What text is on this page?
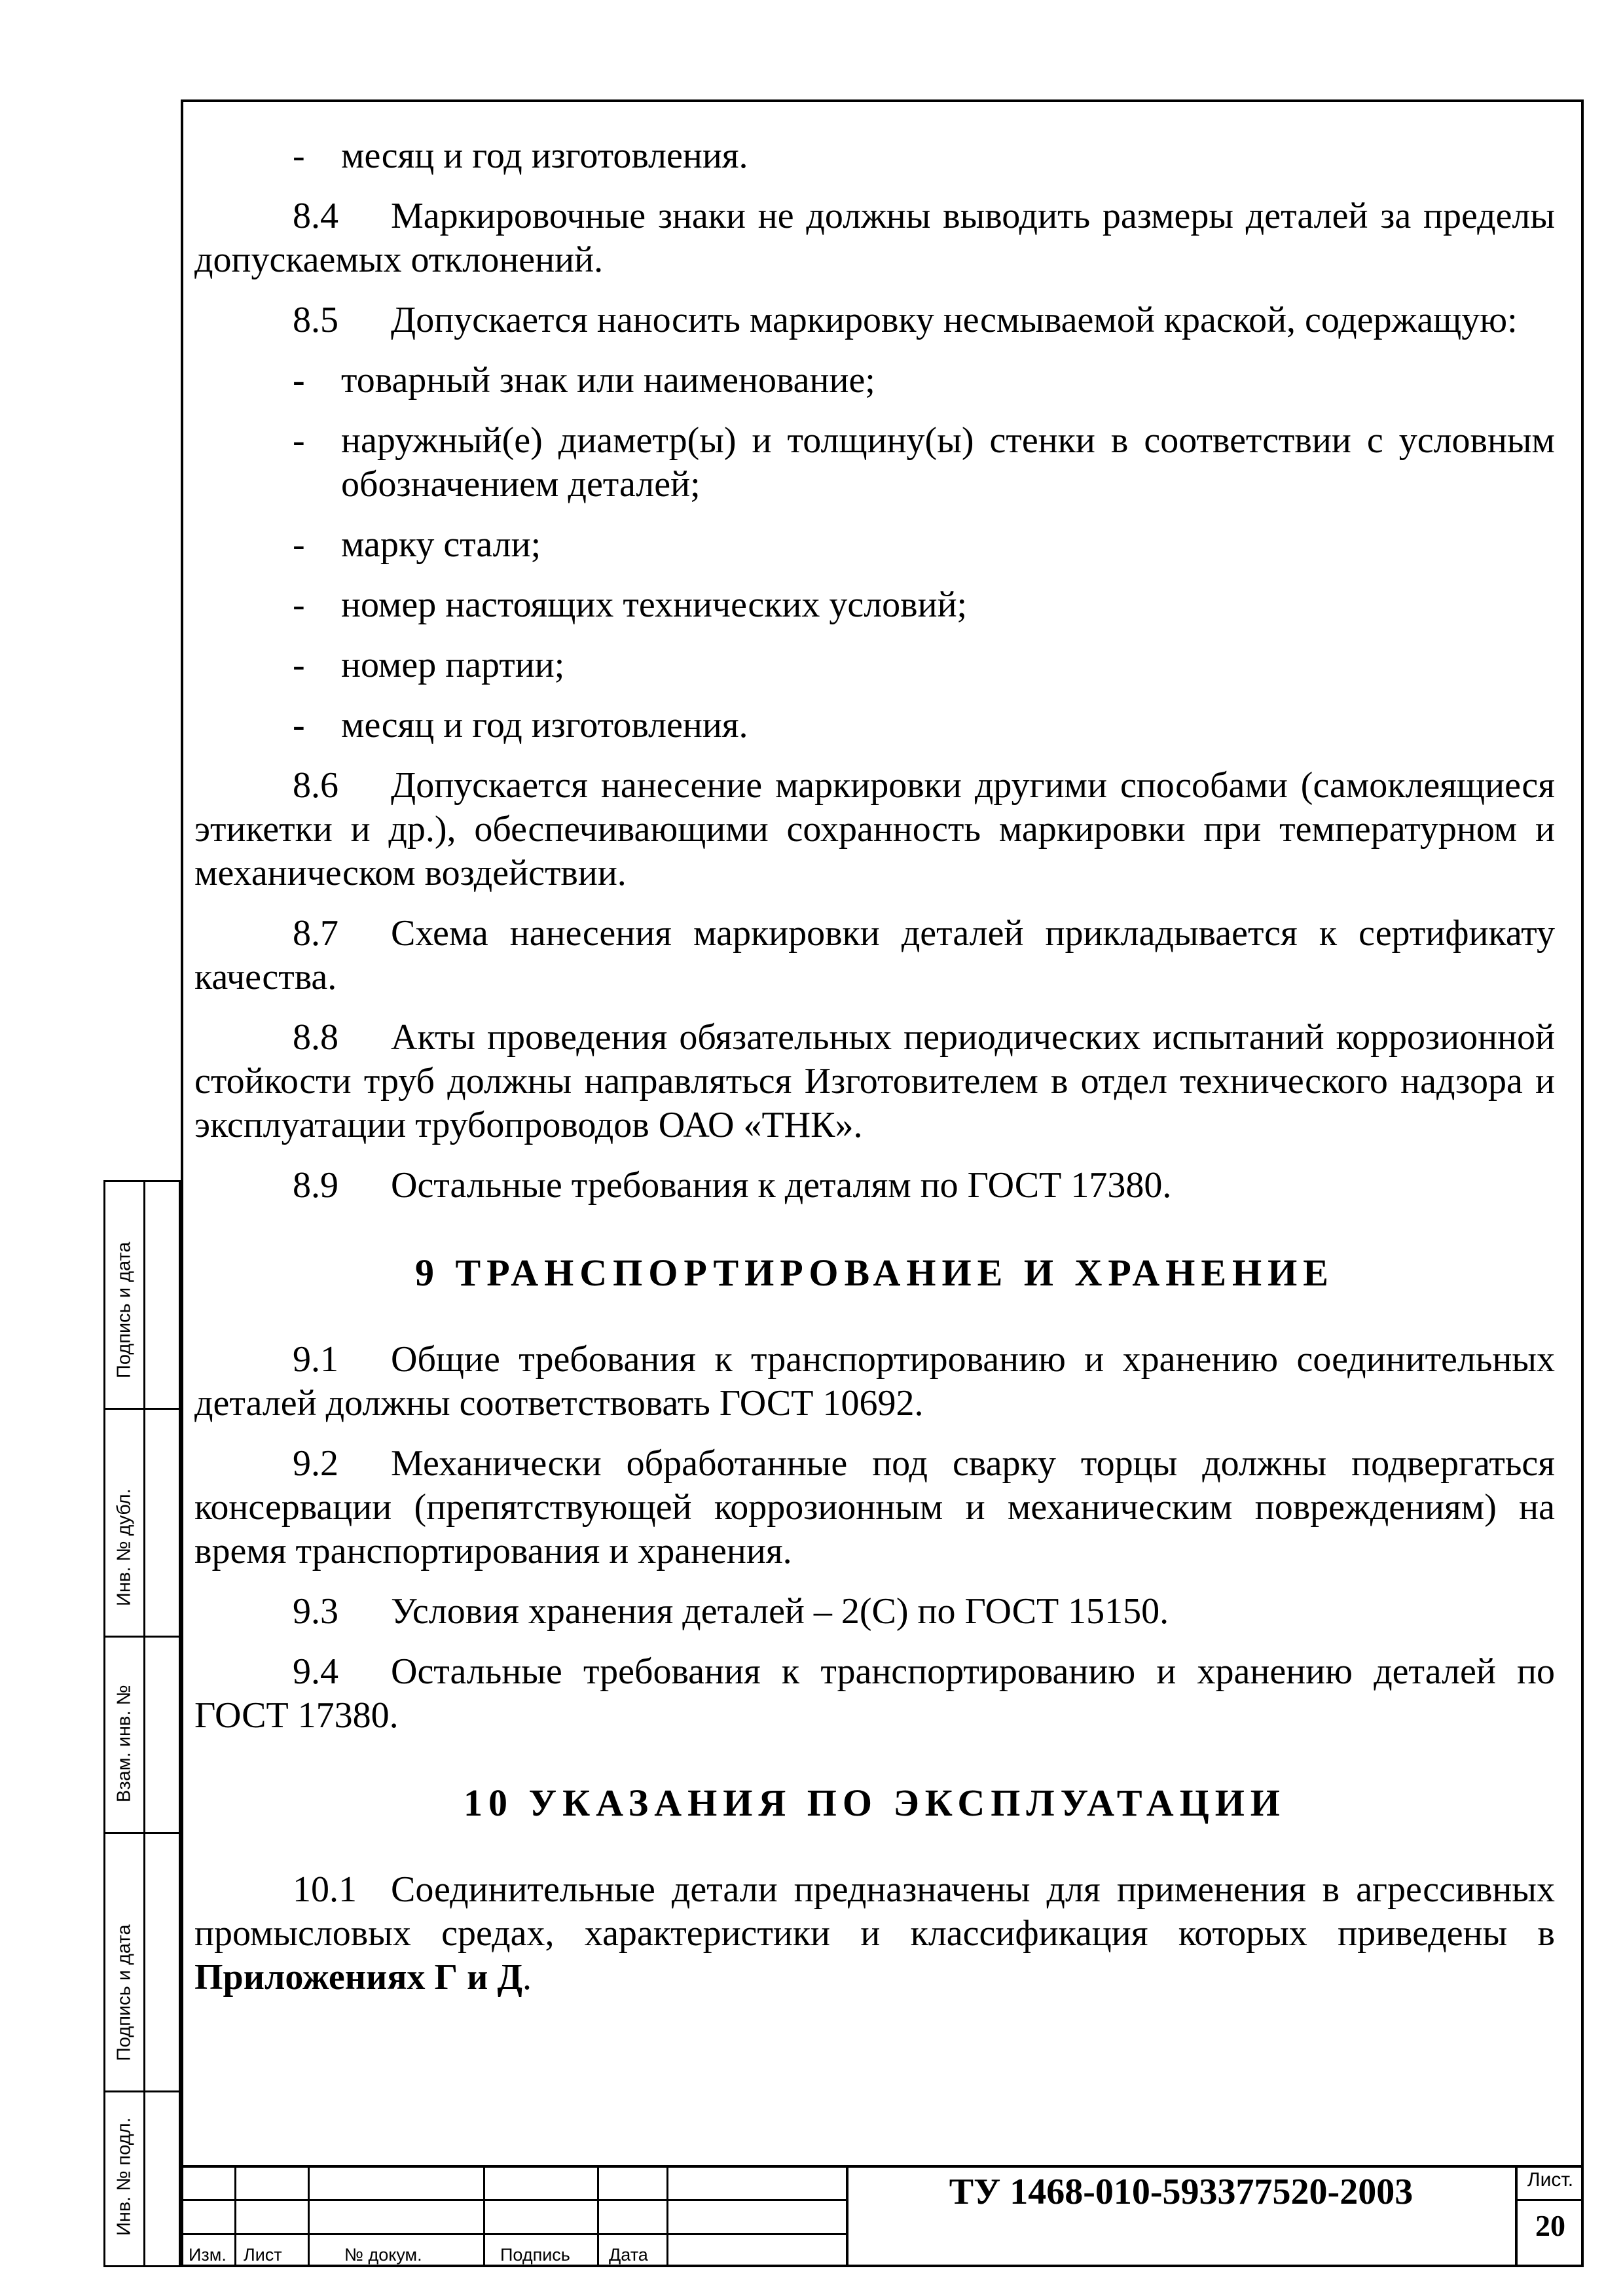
- месяц и год изготовления.
8.4 Маркировочные знаки не должны выводить размеры деталей за пределы допускаемых отклонений.
8.5 Допускается наносить маркировку несмываемой краской, содержащую:
- товарный знак или наименование;
- наружный(е) диаметр(ы) и толщину(ы) стенки в соответствии с условным обозначением деталей;
- марку стали;
- номер настоящих технических условий;
- номер партии;
- месяц и год изготовления.
8.6 Допускается нанесение маркировки другими способами (самоклеящиеся этикетки и др.), обеспечивающими сохранность маркировки при температурном и механическом воздействии.
8.7 Схема нанесения маркировки деталей прикладывается к сертификату качества.
8.8 Акты проведения обязательных периодических испытаний коррозионной стойкости труб должны направляться Изготовителем в отдел технического надзора и эксплуатации трубопроводов ОАО «ТНК».
8.9 Остальные требования к деталям по ГОСТ 17380.
9 ТРАНСПОРТИРОВАНИЕ И ХРАНЕНИЕ
9.1 Общие требования к транспортированию и хранению соединительных деталей должны соответствовать ГОСТ 10692.
9.2 Механически обработанные под сварку торцы должны подвергаться консервации (препятствующей коррозионным и механическим повреждениям) на время транспортирования и хранения.
9.3 Условия хранения деталей – 2(С) по ГОСТ 15150.
9.4 Остальные требования к транспортированию и хранению деталей по ГОСТ 17380.
10 УКАЗАНИЯ ПО ЭКСПЛУАТАЦИИ
10.1 Соединительные детали предназначены для применения в агрессивных промысловых средах, характеристики и классификация которых приведены в Приложениях Г и Д.
Подпись и дата
Инв. № дубл.
Взам. инв. №
Подпись и дата
Инв. № подл.
Изм. Лист	№ докум.	Подпись Дата
ТУ 1468-010-593377520-2003	Лист.
20
